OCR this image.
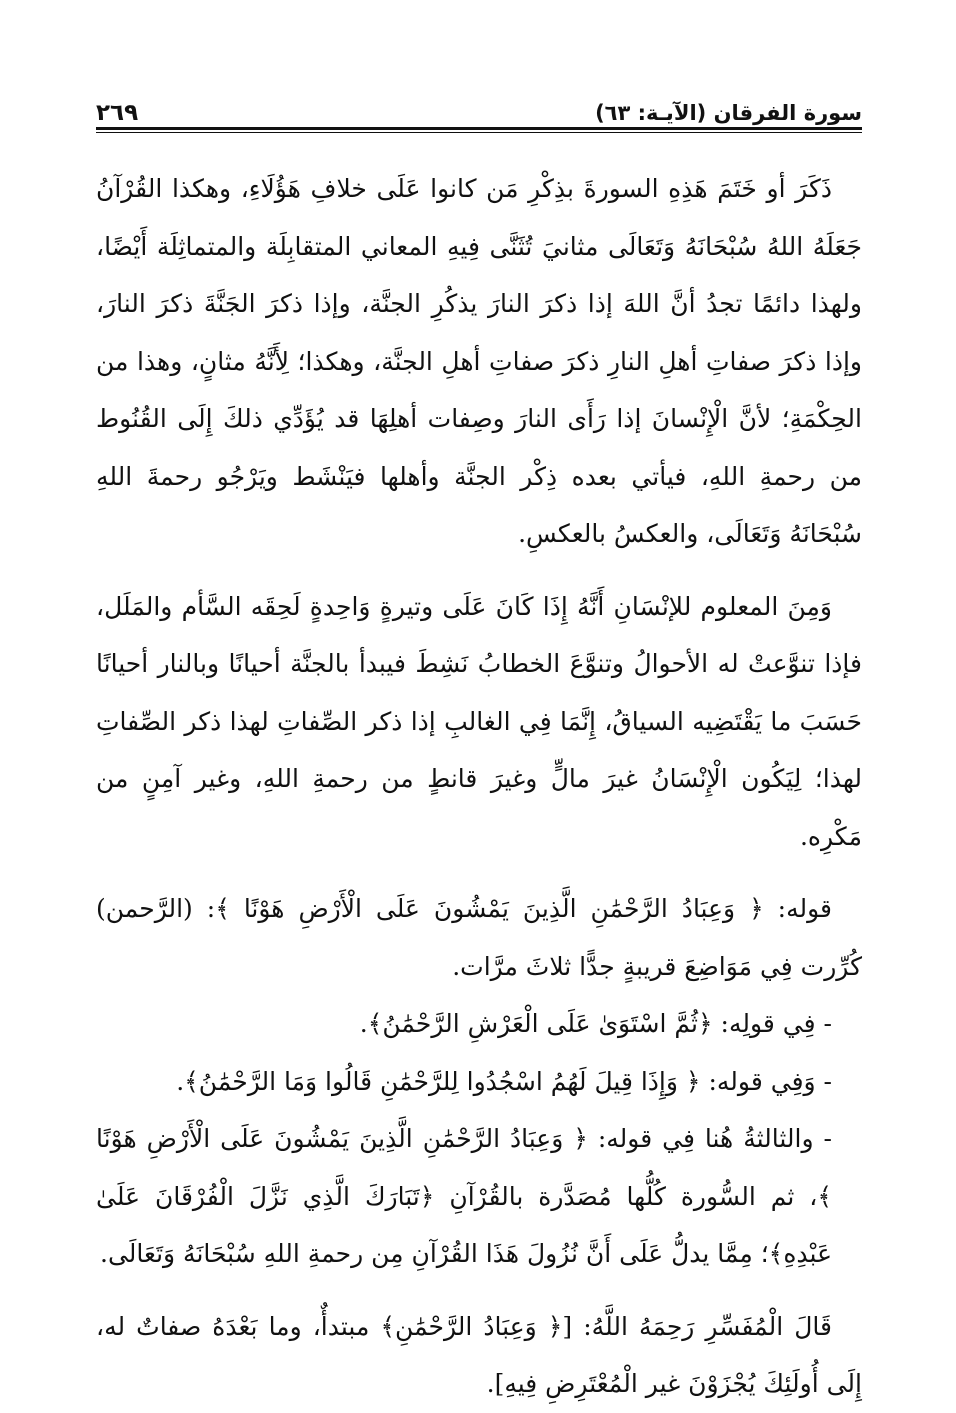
سورة الفرقان (الآيـة: ٦٣)
٢٦٩

ذَكَرَ أو خَتَمَ هَذِهِ السورةَ بذِكْرِ مَن كانوا عَلَى خلافِ هَؤُلَاءِ، وهكذا القُرْآنُ جَعَلَهُ اللهُ سُبْحَانَهُ وَتَعَالَى مثانيَ تُثَنَّى فِيهِ المعاني المتقابِلَة والمتماثِلَة أَيْضًا، ولهذا دائمًا تجدُ أنَّ اللهَ إذا ذكرَ النارَ يذكُرِ الجنَّة، وإذا ذكرَ الجَنَّةَ ذكرَ النارَ، وإذا ذكرَ صفاتِ أهلِ النارِ ذكرَ صفاتِ أهلِ الجنَّة، وهكذا؛ لِأَنَّهُ مثانٍ، وهذا من الحِكْمَةِ؛ لأنَّ الْإِنْسانَ إذا رَأَى النارَ وصِفات أهلِهَا قد يُؤَدِّي ذلكَ إِلَى القُنُوط من رحمةِ اللهِ، فيأتي بعده ذِكْر الجنَّة وأهلها فيَنْشَط ويَرْجُو رحمةَ اللهِ سُبْحَانَهُ وَتَعَالَى، والعكسُ بالعكسِ.

وَمِنَ المعلوم للإنْسَانِ أَنَّهُ إِذَا كَانَ عَلَى وتيرةٍ وَاحِدةٍ لَحِقَه السَّأم والمَلَل، فإذا تنوَّعتْ له الأحوالُ وتنوَّعَ الخطابُ نَشِطَ فيبدأ بالجنَّة أحيانًا وبالنار أحيانًا حَسَبَ ما يَقْتَضِيه السياقُ، إِنَّمَا فِي الغالبِ إذا ذكر الصِّفاتِ لهذا ذكر الصِّفاتِ لهذا؛ لِيَكُون الْإِنْسَانُ غيرَ مالٍّ وغيرَ قانطٍ من رحمةِ اللهِ، وغير آمِنٍ من مَكْرِه.

قوله: ﴿ وَعِبَادُ الرَّحْمَٰنِ الَّذِينَ يَمْشُونَ عَلَى الْأَرْضِ هَوْنًا ﴾: (الرَّحمن) كُرِّرت فِي مَوَاضِعَ قريبةٍ جدًّا ثلاثَ مرَّات.

- فِي قولِه: ﴿ثُمَّ اسْتَوَىٰ عَلَى الْعَرْشِ الرَّحْمَٰنُ﴾.

- وَفِي قوله: ﴿ وَإِذَا قِيلَ لَهُمُ اسْجُدُوا لِلرَّحْمَٰنِ قَالُوا وَمَا الرَّحْمَٰنُ﴾.

- والثالثةُ هُنا فِي قوله: ﴿ وَعِبَادُ الرَّحْمَٰنِ الَّذِينَ يَمْشُونَ عَلَى الْأَرْضِ هَوْنًا ﴾، ثم السُّورة كُلُّها مُصَدَّرة بالقُرْآنِ ﴿تَبَارَكَ الَّذِي نَزَّلَ الْفُرْقَانَ عَلَىٰ عَبْدِهِ﴾؛ مِمَّا يدلُّ عَلَى أَنَّ نُزُولَ هَذَا القُرْآنِ مِن رحمةِ اللهِ سُبْحَانَهُ وَتَعَالَى.

قَالَ الْمُفَسِّرِ رَحِمَهُ اللَّهُ: [﴿ وَعِبَادُ الرَّحْمَٰنِ﴾ مبتدأٌ، وما بَعْدَهُ صفاتٌ له، إِلَى أُولَئِكَ يُجْزَوْنَ غير الْمُعْتَرِضِ فِيهِ].
